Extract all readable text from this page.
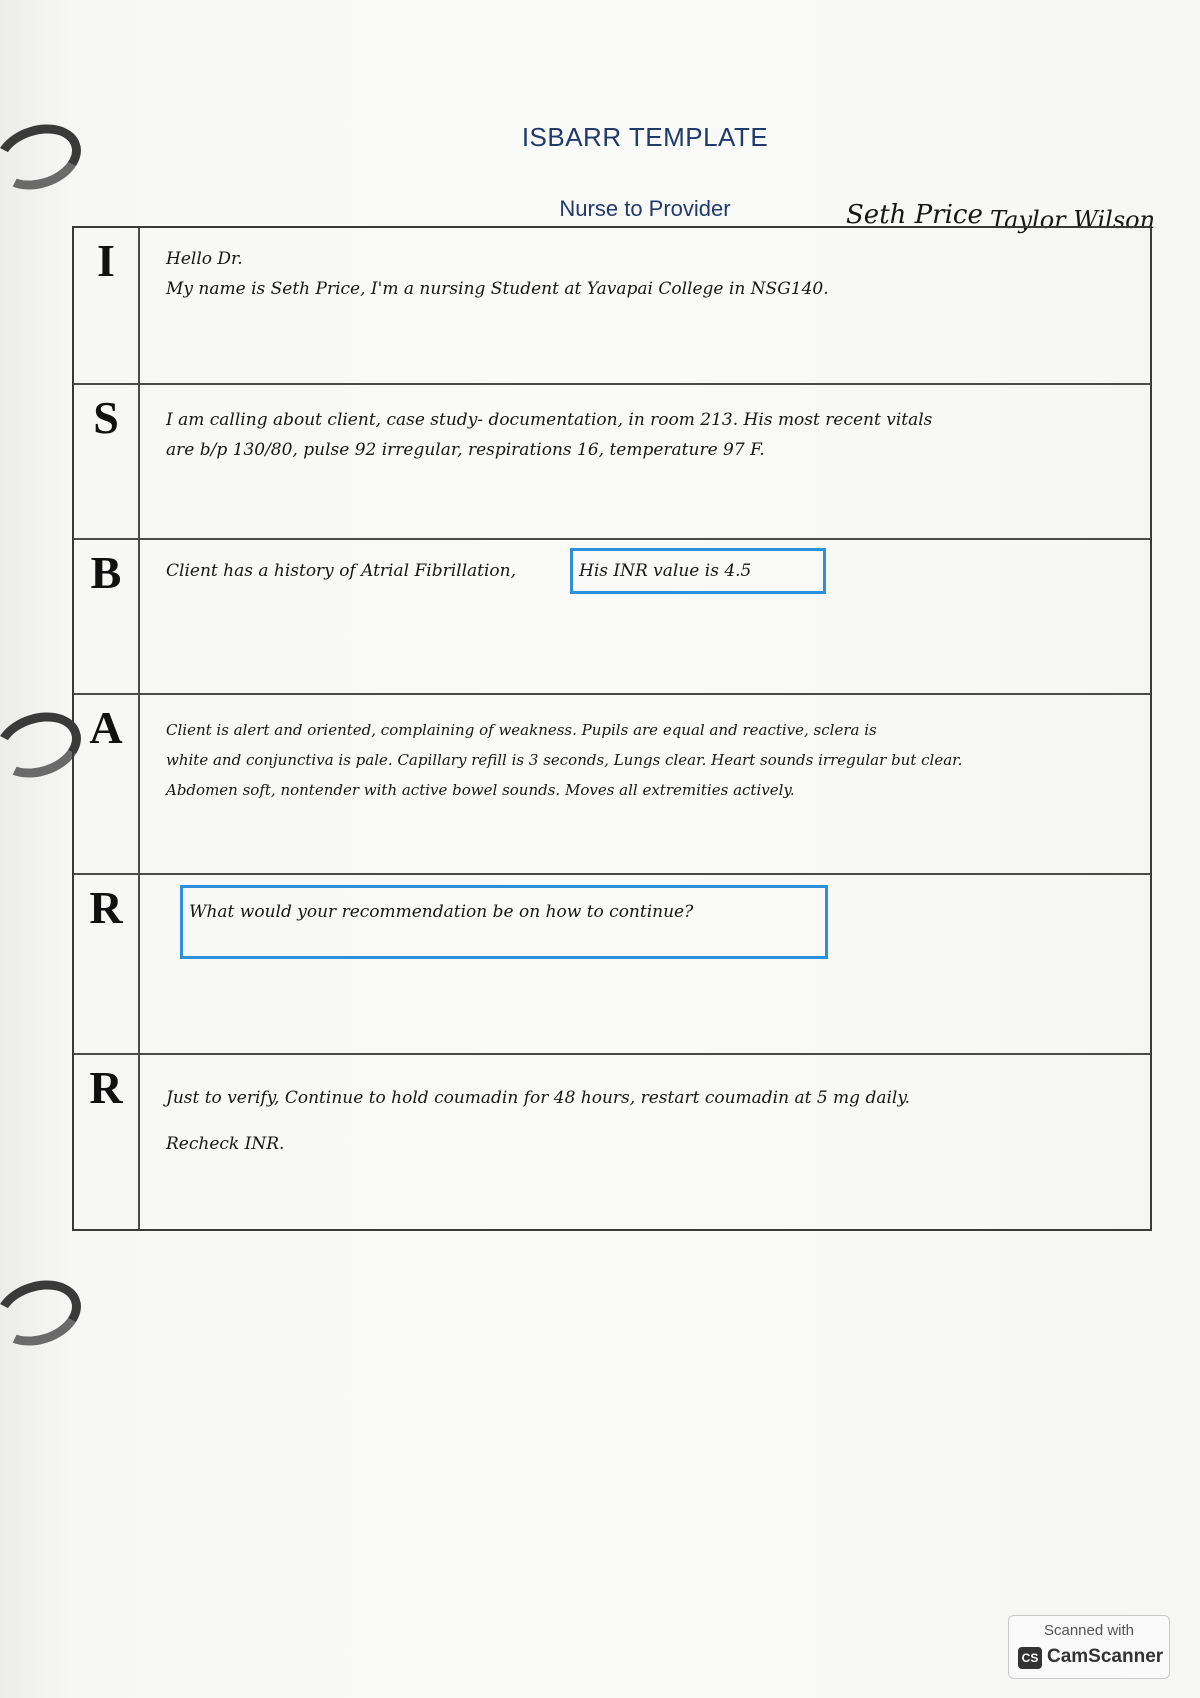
ISBARR TEMPLATE
Nurse to Provider	Seth Price Taylor Wilson
I	Hello Dr.
My name is Seth Price, I'm a nursing Student at Yavapai College in NSG140.
S	I am calling about client, case study- documentation, in room 213. His most recent vitals
are b/p 130/80, pulse 92 irregular, respirations 16, temperature 97 F.
B	Client has a history of Atrial Fibrillation,	His INR value is 4.5
A	Client is alert and oriented, complaining of weakness. Pupils are equal and reactive, sclera is
white and conjunctiva is pale. Capillary refill is 3 seconds, Lungs clear. Heart sounds irregular but clear.
Abdomen soft, nontender with active bowel sounds. Moves all extremities actively.
R	What would your recommendation be on how to continue?
R	Just to verify, Continue to hold coumadin for 48 hours, restart coumadin at 5 mg daily.
Recheck INR.
Scanned with
CS CamScanner
